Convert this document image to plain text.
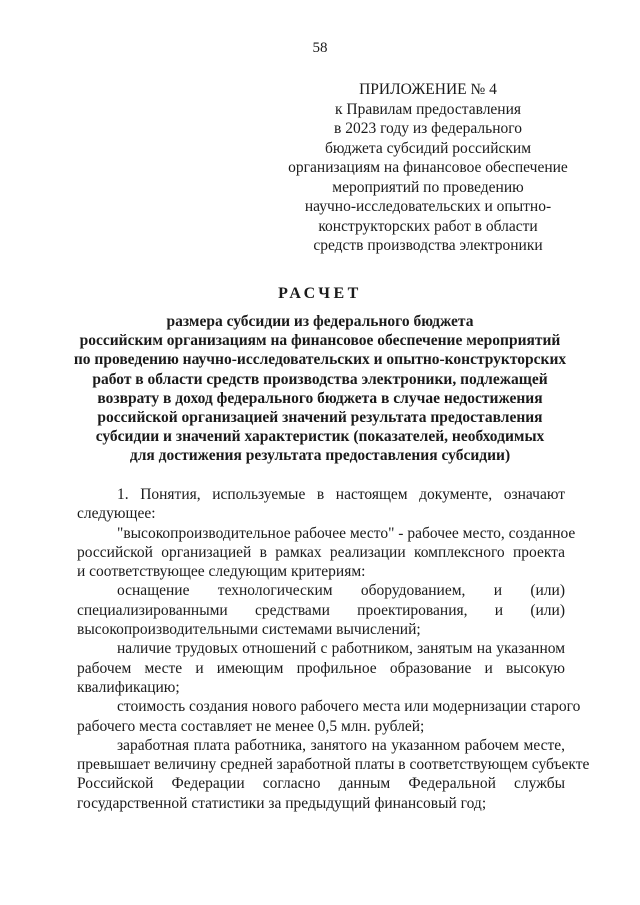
58
ПРИЛОЖЕНИЕ № 4
к Правилам предоставления
в 2023 году из федерального
бюджета субсидий российским
организациям на финансовое обеспечение
мероприятий по проведению
научно-исследовательских и опытно-
конструкторских работ в области
средств производства электроники
РАСЧЕТ
размера субсидии из федерального бюджета
российским организациям на финансовое обеспечение мероприятий
по проведению научно-исследовательских и опытно-конструкторских
работ в области средств производства электроники, подлежащей
возврату в доход федерального бюджета в случае недостижения
российской организацией значений результата предоставления
субсидии и значений характеристик (показателей, необходимых
для достижения результата предоставления субсидии)
1. Понятия, используемые в настоящем документе, означают
следующее:
"высокопроизводительное рабочее место" - рабочее место, созданное
российской организацией в рамках реализации комплексного проекта
и соответствующее следующим критериям:
оснащение технологическим оборудованием, и (или)
специализированными средствами проектирования, и (или)
высокопроизводительными системами вычислений;
наличие трудовых отношений с работником, занятым на указанном
рабочем месте и имеющим профильное образование и высокую
квалификацию;
стоимость создания нового рабочего места или модернизации старого
рабочего места составляет не менее 0,5 млн. рублей;
заработная плата работника, занятого на указанном рабочем месте,
превышает величину средней заработной платы в соответствующем субъекте
Российской Федерации согласно данным Федеральной службы
государственной статистики за предыдущий финансовый год;
